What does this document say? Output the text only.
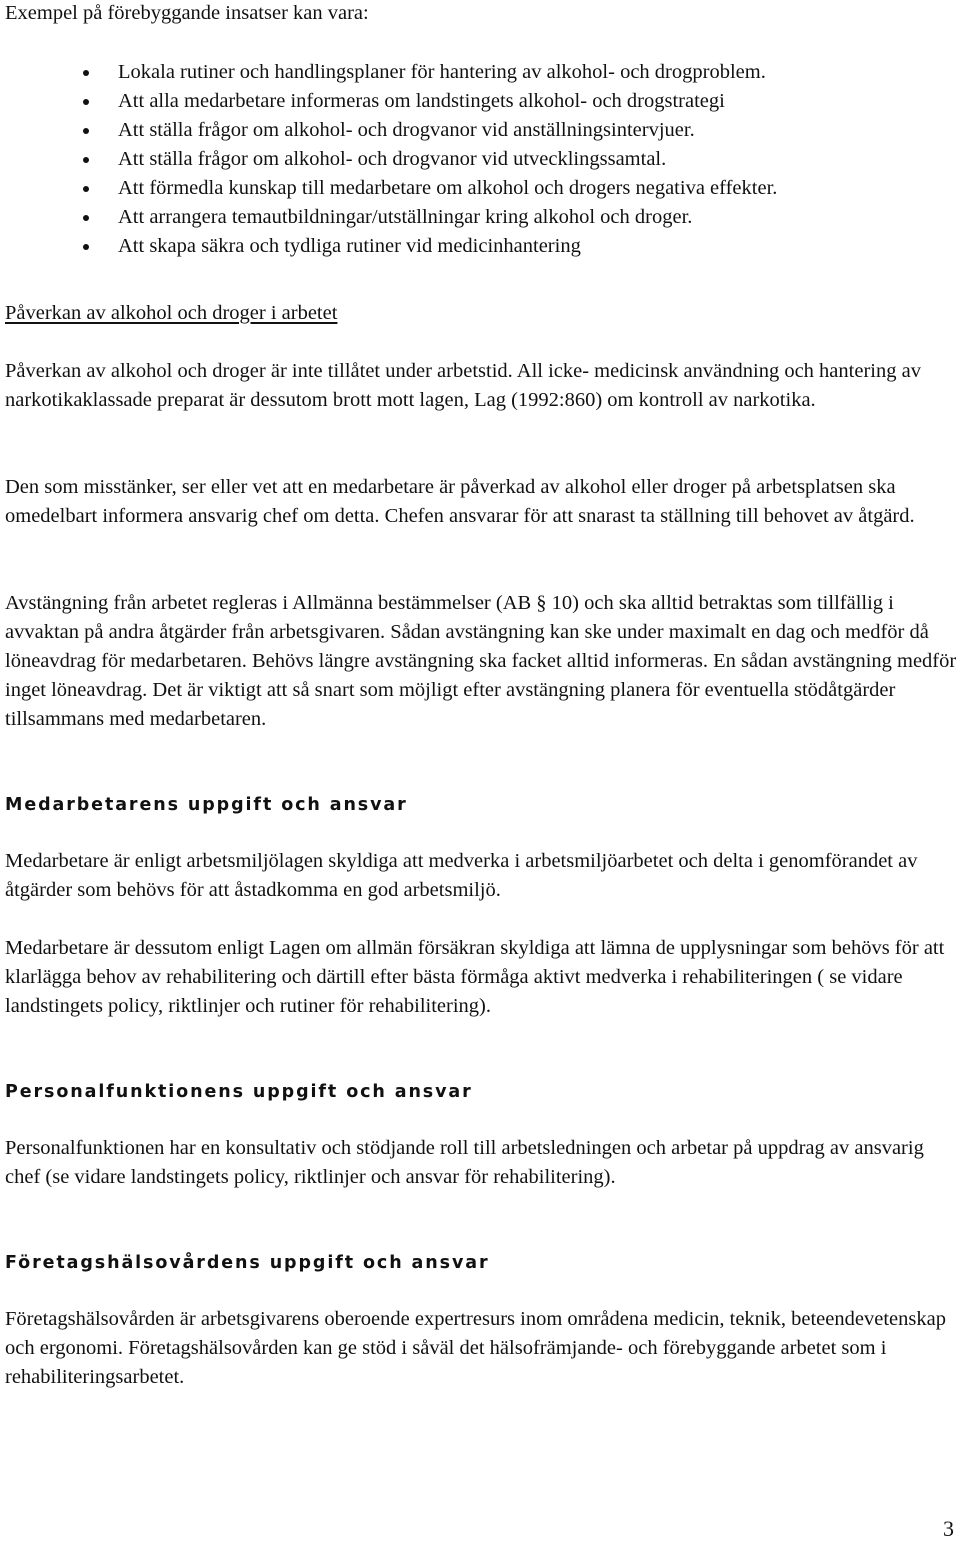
Exempel på förebyggande insatser kan vara:

Lokala rutiner och handlingsplaner för hantering av alkohol- och drogproblem.
Att alla medarbetare informeras om landstingets alkohol- och drogstrategi
Att ställa frågor om alkohol- och drogvanor vid anställningsintervjuer.
Att ställa frågor om alkohol- och drogvanor vid utvecklingssamtal.
Att förmedla kunskap till medarbetare om alkohol och drogers negativa effekter.
Att arrangera temautbildningar/utställningar kring alkohol och droger.
Att skapa säkra och tydliga rutiner vid medicinhantering

Påverkan av alkohol och droger i arbetet

Påverkan av alkohol och droger är inte tillåtet under arbetstid. All icke- medicinsk användning och hantering av narkotikaklassade preparat är dessutom brott mott lagen, Lag (1992:860) om kontroll av narkotika.

Den som misstänker, ser eller vet att en medarbetare är påverkad av alkohol eller droger på arbetsplatsen ska omedelbart informera ansvarig chef om detta. Chefen ansvarar för att snarast ta ställning till behovet av åtgärd.

Avstängning från arbetet regleras i Allmänna bestämmelser (AB § 10) och ska alltid betraktas som tillfällig i avvaktan på andra åtgärder från arbetsgivaren. Sådan avstängning kan ske under maximalt en dag och medför då löneavdrag för medarbetaren. Behövs längre avstängning ska facket alltid informeras. En sådan avstängning medför inget löneavdrag. Det är viktigt att så snart som möjligt efter avstängning planera för eventuella stödåtgärder tillsammans med medarbetaren.

Medarbetarens uppgift och ansvar

Medarbetare är enligt arbetsmiljölagen skyldiga att medverka i arbetsmiljöarbetet och delta i genomförandet av åtgärder som behövs för att åstadkomma en god arbetsmiljö.

Medarbetare är dessutom enligt Lagen om allmän försäkran skyldiga att lämna de upplysningar som behövs för att klarlägga behov av rehabilitering och därtill efter bästa förmåga aktivt medverka i rehabiliteringen ( se vidare landstingets policy, riktlinjer och rutiner för rehabilitering).

Personalfunktionens uppgift och ansvar

Personalfunktionen har en konsultativ och stödjande roll till arbetsledningen och arbetar på uppdrag av ansvarig chef (se vidare landstingets policy, riktlinjer och ansvar för rehabilitering).

Företagshälsovårdens uppgift och ansvar

Företagshälsovården är arbetsgivarens oberoende expertresurs inom områdena medicin, teknik, beteendevetenskap och ergonomi. Företagshälsovården kan ge stöd i såväl det hälsofrämjande- och förebyggande arbetet som i rehabiliteringsarbetet.

3
